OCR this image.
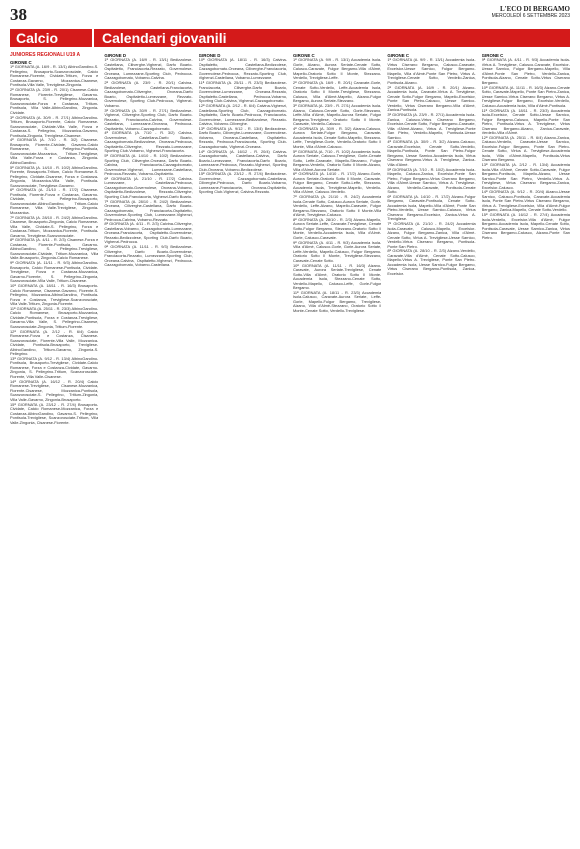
38	L'ECO DI BERGAMO
MERCOLEDÌ 6 SETTEMBRE 2023
Calcio	Calendari giovanili
JUNIORES REGIONALI U19 A
GIRONE C

1ª GIORNATA (A. 16/9 - R. 13/1) AlbinoGandino-S. Pellegrino, Brusaporto-Scanzorosciate, Calcio Romanese-Fiorente, Cividate-Tritium, Forza e Costanza-Gavarno, Mozzanica-Cisanese, Pontisola-Villa Valle, Trevigliese-Zingonia.

2ª GIORNATA (A. 23/9 - R. 20/1) Cisanese-Calcio Romanese, Fiorente-Trevigliese, Gavarno-Brusaporto, S. Pellegrino-Mozzanica, Scanzorosciate-Forza e Costanza, Tritium-Pontisola, Villa Valle-AlbinoGandino, Zingonia-Cividate.

3ª GIORNATA (A. 30/9 - R. 27/1) AlbinoGandino-Tritium, Brusaporto-Fiorente, Calcio Romanese-Scanzorosciate, Cividate-Villa Valle, Forza e Costanza-S. Pellegrino, Mozzanica-Gavarno, Pontisola-Zingonia, Trevigliese-Cisanese.

4ª GIORNATA (A. 7/10 - R. 3/2) Cisanese-Brusaporto, Fiorente-Cividate, Gavarno-Calcio Romanese, S. Pellegrino-Pontisola, Scanzorosciate-Mozzanica, Tritium-Trevigliese, Villa Valle-Forza e Costanza, Zingonia-AlbinoGandino.

5ª GIORNATA (A. 14/10 - R. 10/2) AlbinoGandino-Fiorente, Brusaporto-Tritium, Calcio Romanese-S. Pellegrino, Cividate-Cisanese, Forza e Costanza-Zingonia, Mozzanica-Villa Valle, Pontisola-Scanzorosciate, Trevigliese-Gavarno.

6ª GIORNATA (A. 21/10 - R. 17/2) Cisanese-Pontisola, Fiorente-Forza e Costanza, Gavarno-Cividate, S. Pellegrino-Brusaporto, Scanzorosciate-AlbinoGandino, Tritium-Calcio Romanese, Villa Valle-Trevigliese, Zingonia-Mozzanica.

7ª GIORNATA (A. 28/10 - R. 24/2) AlbinoGandino-Cisanese, Brusaporto-Zingonia, Calcio Romanese-Villa Valle, Cividate-S. Pellegrino, Forza e Costanza-Tritium, Mozzanica-Fiorente, Pontisola-Gavarno, Trevigliese-Scanzorosciate.

8ª GIORNATA (A. 4/11 - R. 2/3) Cisanese-Forza e Costanza, Fiorente-Pontisola, Gavarno-AlbinoGandino, S. Pellegrino-Trevigliese, Scanzorosciate-Cividate, Tritium-Mozzanica, Villa Valle-Brusaporto, Zingonia-Calcio Romanese.

9ª GIORNATA (A. 11/11 - R. 9/3) AlbinoGandino-Brusaporto, Calcio Romanese-Pontisola, Cividate-Trevigliese, Forza e Costanza-Mozzanica, Gavarno-Fiorente, S. Pellegrino-Zingonia, Scanzorosciate-Villa Valle, Tritium-Cisanese.

10ª GIORNATA (A. 18/11 - R. 16/3) Brusaporto-Calcio Romanese, Cisanese-Gavarno, Fiorente-S. Pellegrino, Mozzanica-AlbinoGandino, Pontisola-Forza e Costanza, Trevigliese-Scanzorosciate, Villa Valle-Tritium, Zingonia-Fiorente.

11ª GIORNATA (A. 25/11 - R. 23/3) AlbinoGandino-Calcio Romanese, Brusaporto-Mozzanica, Cividate-Pontisola, Forza e Costanza-Trevigliese, Gavarno-Villa Valle, S. Pellegrino-Cisanese, Scanzorosciate-Zingonia, Tritium-Fiorente.

12ª GIORNATA (A. 2/12 - R. 6/4) Calcio Romanese-Forza e Costanza, Cisanese-Scanzorosciate, Fiorente-Villa Valle, Mozzanica-Cividate, Pontisola-Brusaporto, Trevigliese-AlbinoGandino, Tritium-Gavarno, Zingonia-S. Pellegrino.

13ª GIORNATA (A. 9/12 - R. 13/4) AlbinoGandino-Pontisola, Brusaporto-Trevigliese, Cividate-Calcio Romanese, Forza e Costanza-Cividate, Gavarno-Zingonia, S. Pellegrino-Tritium, Scanzorosciate-Fiorente, Villa Valle-Cisanese.

14ª GIORNATA (A. 16/12 - R. 20/4) Calcio Romanese-Trevigliese, Cisanese-Mozzanica, Fiorente-Cisanese, Mozzanica-Pontisola, Scanzorosciate-S. Pellegrino, Tritium-Zingonia, Villa Valle-Gavarno, Zingonia-Brusaporto.

15ª GIORNATA (A. 23/12 - R. 27/4) Brusaporto-Cividate, Calcio Romanese-Mozzanica, Forza e Costanza-AlbinoGandino, Gavarno-S. Pellegrino, Pontisola-Trevigliese, Scanzorosciate-Tritium, Villa Valle-Zingonia, Cisanese-Fiorente.

GIRONE D

1ª GIORNATA (A. 16/9 - R. 13/1) Bedizzolese-Castellana, Ciliverghe-Vighenzi, Darfo Boario-Ospitaletto, Franciacorta-Rezzato, Governolese-Orceana, Lumezzane-Sporting Club, Pedrocca-Cazzagobornato, Vobarno-Calvina.

2ª GIORNATA (A. 23/9 - R. 20/1) Calvina-Bedizzolese, Castellana-Franciacorta, Cazzagobornato-Ciliverghe, Orceana-Darfo Boario, Ospitaletto-Lumezzane, Rezzato-Governolese, Sporting Club-Pedrocca, Vighenzi-Vobarno.

3ª GIORNATA (A. 30/9 - R. 27/1) Bedizzolese-Vighenzi, Ciliverghe-Sporting Club, Darfo Boario-Rezzato, Franciacorta-Calvina, Governolese-Castellana, Lumezzane-Orceana, Pedrocca-Ospitaletto, Vobarno-Cazzagobornato.

4ª GIORNATA (A. 7/10 - R. 3/2) Calvina-Governolese, Castellana-Darfo Boario, Cazzagobornato-Bedizzolese, Orceana-Pedrocca, Ospitaletto-Ciliverghe, Rezzato-Lumezzane, Sporting Club-Vobarno, Vighenzi-Franciacorta.

5ª GIORNATA (A. 14/10 - R. 10/2) Bedizzolese-Sporting Club, Ciliverghe-Orceana, Darfo Boario-Calvina, Franciacorta-Cazzagobornato, Governolese-Vighenzi, Lumezzane-Castellana, Pedrocca-Rezzato, Vobarno-Ospitaletto.

6ª GIORNATA (A. 21/10 - R. 17/2) Calvina-Lumezzane, Castellana-Pedrocca, Cazzagobornato-Governolese, Orceana-Vobarno, Ospitaletto-Bedizzolese, Rezzato-Ciliverghe, Sporting Club-Franciacorta, Vighenzi-Darfo Boario.

7ª GIORNATA (A. 28/10 - R. 24/2) Bedizzolese-Orceana, Ciliverghe-Castellana, Darfo Boario-Cazzagobornato, Franciacorta-Ospitaletto, Governolese-Sporting Club, Lumezzane-Vighenzi, Pedrocca-Calvina, Vobarno-Rezzato.

8ª GIORNATA (A. 4/11 - R. 2/3) Calvina-Ciliverghe, Castellana-Vobarno, Cazzagobornato-Lumezzane, Orceana-Franciacorta, Ospitaletto-Governolese, Rezzato-Bedizzolese, Sporting Club-Darfo Boario, Vighenzi-Pedrocca.

9ª GIORNATA (A. 11/11 - R. 9/3) Bedizzolese-Ciliverghe, Darfo Boario-Governolese, Franciacorta-Rezzato, Lumezzane-Sporting Club, Orceana-Calvina, Ospitaletto-Vighenzi, Pedrocca-Cazzagobornato, Vobarno-Castellana.

GIRONE D

10ª GIORNATA (A. 18/11 - R. 16/3) Calvina-Ospitaletto, Castellana-Bedizzolese, Cazzagobornato-Orceana, Ciliverghe-Franciacorta, Governolese-Pedrocca, Rezzato-Sporting Club, Vighenzi-Castellana, Vobarno-Lumezzane.

11ª GIORNATA (A. 25/11 - R. 23/3) Bedizzolese-Franciacorta, Ciliverghe-Darfo Boario, Governolese-Lumezzane, Orceana-Rezzato, Ospitaletto-Castellana, Pedrocca-Vobarno, Sporting Club-Calvina, Vighenzi-Cazzagobornato.

12ª GIORNATA (A. 2/12 - R. 6/4) Calvina-Vighenzi, Castellana-Sporting Club, Cazzagobornato-Ospitaletto, Darfo Boario-Pedrocca, Franciacorta-Governolese, Lumezzane-Bedizzolese, Rezzato-Calvina, Vobarno-Ciliverghe.

13ª GIORNATA (A. 9/12 - R. 13/4) Bedizzolese-Darfo Boario, Ciliverghe-Lumezzane, Governolese-Vobarno, Orceana-Castellana, Ospitaletto-Rezzato, Pedrocca-Franciacorta, Sporting Club-Cazzagobornato, Vighenzi-Orceana.

14ª GIORNATA (A. 16/12 - R. 20/4) Calvina-Cazzagobornato, Castellana-Calvina, Darfo Boario-Lumezzane, Franciacorta-Darfo Boario, Lumezzane-Pedrocca, Rezzato-Vighenzi, Sporting Club-Orceana, Vobarno-Bedizzolese.

15ª GIORNATA (A. 23/12 - R. 27/4) Bedizzolese-Governolese, Cazzagobornato-Castellana, Ciliverghe-Pedrocca, Darfo Boario-Vobarno, Lumezzane-Franciacorta, Orceana-Ospitaletto, Sporting Club-Vighenzi, Calvina-Rezzato.

GIRONE C

1ª GIORNATA (A. 9/9 - R. 13/1) Accademia Isola-Gorle, Alzano, Aurora Seriate-Cenate Sotto, Calusco-Caravate, Fulgor Bergamo-Villa d'Almè, Mapello-Oratorio Sotto Il Monte, Stezzano-Verdello, Trevigliese-Leffe.

2ª GIORNATA (A. 16/9 - R. 20/1) Caravate-Gorle, Cenate Sotto-Verdello, Leffe-Accademia Isola, Oratorio Sotto Il Monte-Trevigliese, Stezzano-Calusco, Villa d'Almè-Mapello, Alzano-Fulgor Bergamo, Aurora Seriate-Stezzano.

3ª GIORNATA (A. 23/9 - R. 27/1) Accademia Isola-Alzano, Calusco-Cenate Sotto, Gorle-Stezzano, Leffe-Villa d'Almè, Mapello-Aurora Seriate, Fulgor Bergamo-Trevigliese, Oratorio Sotto Il Monte-Caravate, Verdello-Calusco.

4ª GIORNATA (A. 30/9 - R. 3/2) Alzano-Calusco, Aurora Seriate-Fulgor Bergamo, Caravate-Accademia Isola, Cenate Sotto-Mapello, Stezzano-Leffe, Trevigliese-Gorle, Verdello-Oratorio Sotto Il Monte, Villa d'Almè-Calusco.

5ª GIORNATA (A. 7/10 - R. 10/2) Accademia Isola-Aurora Seriate, Calusco-Trevigliese, Gorle-Cenate Sotto, Leffe-Caravate, Mapello-Stezzano, Fulgor Bergamo-Verdello, Oratorio Sotto Il Monte-Alzano, Villa d'Almè-Aurora Seriate.

6ª GIORNATA (A. 14/10 - R. 17/2) Alzano-Gorle, Aurora Seriate-Oratorio Sotto Il Monte, Caravate-Fulgor Bergamo, Cenate Sotto-Leffe, Stezzano-Accademia Isola, Trevigliese-Mapello, Verdello-Villa d'Almè, Calusco-Verdello.

7ª GIORNATA (A. 21/10 - R. 24/2) Accademia Isola-Cenate Sotto, Calusco-Aurora Seriate, Gorle-Verdello, Leffe-Alzano, Mapello-Caravate, Fulgor Bergamo-Stezzano, Oratorio Sotto Il Monte-Villa d'Almè, Trevigliese-Calusco.

8ª GIORNATA (A. 28/10 - R. 2/3) Alzano-Mapello, Aurora Seriate-Leffe, Caravate-Trevigliese, Cenate Sotto-Fulgor Bergamo, Stezzano-Oratorio Sotto Il Monte, Verdello-Accademia Isola, Villa d'Almè-Gorle, Calusco-Caravate.

9ª GIORNATA (A. 4/11 - R. 9/3) Accademia Isola-Villa d'Almè, Calusco-Gorle, Gorle-Aurora Seriate, Leffe-Verdello, Mapello-Calusco, Fulgor Bergamo-Oratorio Sotto Il Monte, Trevigliese-Stezzano, Caravate-Cenate Sotto.

10ª GIORNATA (A. 11/11 - R. 16/3) Alzano-Caravate, Aurora Seriate-Trevigliese, Cenate Sotto-Villa d'Almè, Oratorio Sotto Il Monte-Accademia Isola, Stezzano-Cenate Sotto, Verdello-Mapello, Calusco-Leffe, Gorle-Fulgor Bergamo.

11ª GIORNATA (A. 18/11 - R. 23/3) Accademia Isola-Calusco, Caravate-Aurora Seriate, Leffe-Gorle, Mapello-Fulgor Bergamo, Trevigliese-Alzano, Villa d'Almè-Stezzano, Oratorio Sotto Il Monte-Cenate Sotto, Verdello-Trevigliese.

GIRONE C

1ª GIORNATA (A. 9/9 - R. 13/1) Accademia Isola-Virtus Ciserano Bergamo, Calusco-Caravate, Excelsior-Uesse Sarnico, Fulgor Bergamo-Mapello, Villa d'Almè-Ponte San Pietro, Virtus A. Trevigliese-Cenate Sotto, Verdello-Zanica, Pontisola-Alzano.

2ª GIORNATA (A. 16/9 - R. 20/1) Alzano-Accademia Isola, Caravate-Virtus A. Trevigliese, Cenate Sotto-Fulgor Bergamo, Mapello-Excelsior, Ponte San Pietro-Calusco, Uesse Sarnico-Verdello, Virtus Ciserano Bergamo-Villa d'Almè, Zanica-Pontisola.

3ª GIORNATA (A. 23/9 - R. 27/1) Accademia Isola-Zanica, Calusco-Virtus Ciserano Bergamo, Excelsior-Cenate Sotto, Fulgor Bergamo-Caravate, Villa d'Almè-Alzano, Virtus A. Trevigliese-Ponte San Pietro, Verdello-Mapello, Pontisola-Uesse Sarnico.

4ª GIORNATA (A. 30/9 - R. 3/2) Alzano-Calusco, Caravate-Excelsior, Cenate Sotto-Verdello, Mapello-Pontisola, Ponte San Pietro-Fulgor Bergamo, Uesse Sarnico-Accademia Isola, Virtus Ciserano Bergamo-Virtus A. Trevigliese, Zanica-Villa d'Almè.

5ª GIORNATA (A. 7/10 - R. 10/2) Accademia Isola-Mapello, Calusco-Zanica, Excelsior-Ponte San Pietro, Fulgor Bergamo-Virtus Ciserano Bergamo, Villa d'Almè-Uesse Sarnico, Virtus A. Trevigliese-Alzano, Verdello-Caravate, Pontisola-Cenate Sotto.

6ª GIORNATA (A. 14/10 - R. 17/2) Alzano-Fulgor Bergamo, Caravate-Pontisola, Cenate Sotto-Accademia Isola, Mapello-Villa d'Almè, Ponte San Pietro-Verdello, Uesse Sarnico-Calusco, Virtus Ciserano Bergamo-Excelsior, Zanica-Virtus A. Trevigliese.

7ª GIORNATA (A. 21/10 - R. 24/2) Accademia Isola-Caravate, Calusco-Mapello, Excelsior-Alzano, Fulgor Bergamo-Zanica, Villa d'Almè-Cenate Sotto, Virtus A. Trevigliese-Uesse Sarnico, Verdello-Virtus Ciserano Bergamo, Pontisola-Ponte San Pietro.

8ª GIORNATA (A. 28/10 - R. 2/3) Alzano-Verdello, Caravate-Villa d'Almè, Cenate Sotto-Calusco, Mapello-Virtus A. Trevigliese, Ponte San Pietro-Accademia Isola, Uesse Sarnico-Fulgor Bergamo, Virtus Ciserano Bergamo-Pontisola, Zanica-Excelsior.

GIRONE C

9ª GIORNATA (A. 4/11 - R. 9/3) Accademia Isola-Virtus A. Trevigliese, Calusco-Caravate, Excelsior-Uesse Sarnico, Fulgor Bergamo-Mapello, Villa d'Almè-Ponte San Pietro, Verdello-Zanica, Pontisola-Alzano, Cenate Sotto-Virtus Ciserano Bergamo.

10ª GIORNATA (A. 11/11 - R. 16/3) Alzano-Cenate Sotto, Caravate-Mapello, Ponte San Pietro-Zanica, Uesse Sarnico-Virtus Ciserano Bergamo, Virtus A. Trevigliese-Fulgor Bergamo, Excelsior-Verdello, Calusco-Accademia Isola, Villa d'Almè-Pontisola.

11ª GIORNATA (A. 18/11 - R. 23/3) Accademia Isola-Excelsior, Cenate Sotto-Uesse Sarnico, Fulgor Bergamo-Calusco, Mapello-Ponte San Pietro, Pontisola-Virtus A. Trevigliese, Virtus Ciserano Bergamo-Alzano, Zanica-Caravate, Verdello-Villa d'Almè.

12ª GIORNATA (A. 25/11 - R. 6/4) Alzano-Zanica, Calusco-Verdello, Caravate-Uesse Sarnico, Excelsior-Fulgor Bergamo, Ponte San Pietro-Cenate Sotto, Virtus A. Trevigliese-Accademia Isola, Villa d'Almè-Mapello, Pontisola-Virtus Ciserano Bergamo.

13ª GIORNATA (A. 2/12 - R. 13/4) Accademia Isola-Villa d'Almè, Cenate Sotto-Caravate, Fulgor Bergamo-Pontisola, Mapello-Alzano, Uesse Sarnico-Ponte San Pietro, Verdello-Virtus A. Trevigliese, Virtus Ciserano Bergamo-Zanica, Excelsior-Calusco.

14ª GIORNATA (A. 9/12 - R. 20/4) Alzano-Uesse Sarnico, Calusco-Pontisola, Caravate-Accademia Isola, Ponte San Pietro-Virtus Ciserano Bergamo, Virtus A. Trevigliese-Excelsior, Villa d'Almè-Fulgor Bergamo, Zanica-Mapello, Cenate Sotto-Verdello.

15ª GIORNATA (A. 16/12 - R. 27/4) Accademia Isola-Verdello, Excelsior-Villa d'Almè, Fulgor Bergamo-Accademia Isola, Mapello-Cenate Sotto, Pontisola-Caravate, Uesse Sarnico-Zanica, Virtus Ciserano Bergamo-Calusco, Alzano-Ponte San Pietro.
